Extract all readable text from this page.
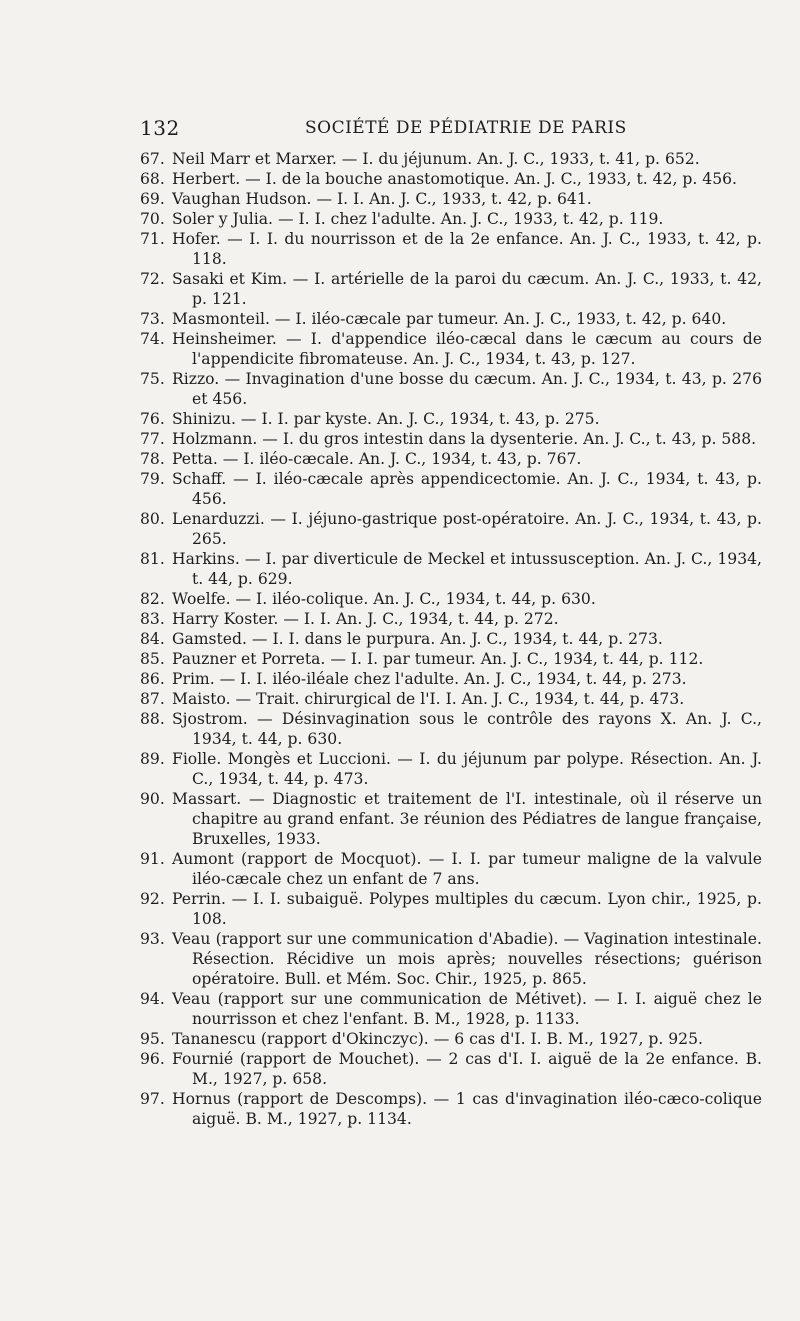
132	SOCIÉTÉ DE PÉDIATRIE DE PARIS
67. Neil Marr et Marxer. — I. du jéjunum. An. J. C., 1933, t. 41, p. 652.
68. Herbert. — I. de la bouche anastomotique. An. J. C., 1933, t. 42, p. 456.
69. Vaughan Hudson. — I. I. An. J. C., 1933, t. 42, p. 641.
70. Soler y Julia. — I. I. chez l'adulte. An. J. C., 1933, t. 42, p. 119.
71. Hofer. — I. I. du nourrisson et de la 2e enfance. An. J. C., 1933, t. 42, p. 118.
72. Sasaki et Kim. — I. artérielle de la paroi du cæcum. An. J. C., 1933, t. 42, p. 121.
73. Masmonteil. — I. iléo-cæcale par tumeur. An. J. C., 1933, t. 42, p. 640.
74. Heinsheimer. — I. d'appendice iléo-cæcal dans le cæcum au cours de l'appendicite fibromateuse. An. J. C., 1934, t. 43, p. 127.
75. Rizzo. — Invagination d'une bosse du cæcum. An. J. C., 1934, t. 43, p. 276 et 456.
76. Shinizu. — I. I. par kyste. An. J. C., 1934, t. 43, p. 275.
77. Holzmann. — I. du gros intestin dans la dysenterie. An. J. C., t. 43, p. 588.
78. Petta. — I. iléo-cæcale. An. J. C., 1934, t. 43, p. 767.
79. Schaff. — I. iléo-cæcale après appendicectomie. An. J. C., 1934, t. 43, p. 456.
80. Lenarduzzi. — I. jéjuno-gastrique post-opératoire. An. J. C., 1934, t. 43, p. 265.
81. Harkins. — I. par diverticule de Meckel et intussusception. An. J. C., 1934, t. 44, p. 629.
82. Woelfe. — I. iléo-colique. An. J. C., 1934, t. 44, p. 630.
83. Harry Koster. — I. I. An. J. C., 1934, t. 44, p. 272.
84. Gamsted. — I. I. dans le purpura. An. J. C., 1934, t. 44, p. 273.
85. Pauzner et Porreta. — I. I. par tumeur. An. J. C., 1934, t. 44, p. 112.
86. Prim. — I. I. iléo-iléale chez l'adulte. An. J. C., 1934, t. 44, p. 273.
87. Maisto. — Trait. chirurgical de l'I. I. An. J. C., 1934, t. 44, p. 473.
88. Sjostrom. — Désinvagination sous le contrôle des rayons X. An. J. C., 1934, t. 44, p. 630.
89. Fiolle. Mongès et Luccioni. — I. du jéjunum par polype. Résection. An. J. C., 1934, t. 44, p. 473.
90. Massart. — Diagnostic et traitement de l'I. intestinale, où il réserve un chapitre au grand enfant. 3e réunion des Pédiatres de langue française, Bruxelles, 1933.
91. Aumont (rapport de Mocquot). — I. I. par tumeur maligne de la valvule iléo-cæcale chez un enfant de 7 ans.
92. Perrin. — I. I. subaiguë. Polypes multiples du cæcum. Lyon chir., 1925, p. 108.
93. Veau (rapport sur une communication d'Abadie). — Vagination intestinale. Résection. Récidive un mois après; nouvelles résections; guérison opératoire. Bull. et Mém. Soc. Chir., 1925, p. 865.
94. Veau (rapport sur une communication de Métivet). — I. I. aiguë chez le nourrisson et chez l'enfant. B. M., 1928, p. 1133.
95. Tananescu (rapport d'Okinczyc). — 6 cas d'I. I. B. M., 1927, p. 925.
96. Fournié (rapport de Mouchet). — 2 cas d'I. I. aiguë de la 2e enfance. B. M., 1927, p. 658.
97. Hornus (rapport de Descomps). — 1 cas d'invagination iléo-cæco-colique aiguë. B. M., 1927, p. 1134.
